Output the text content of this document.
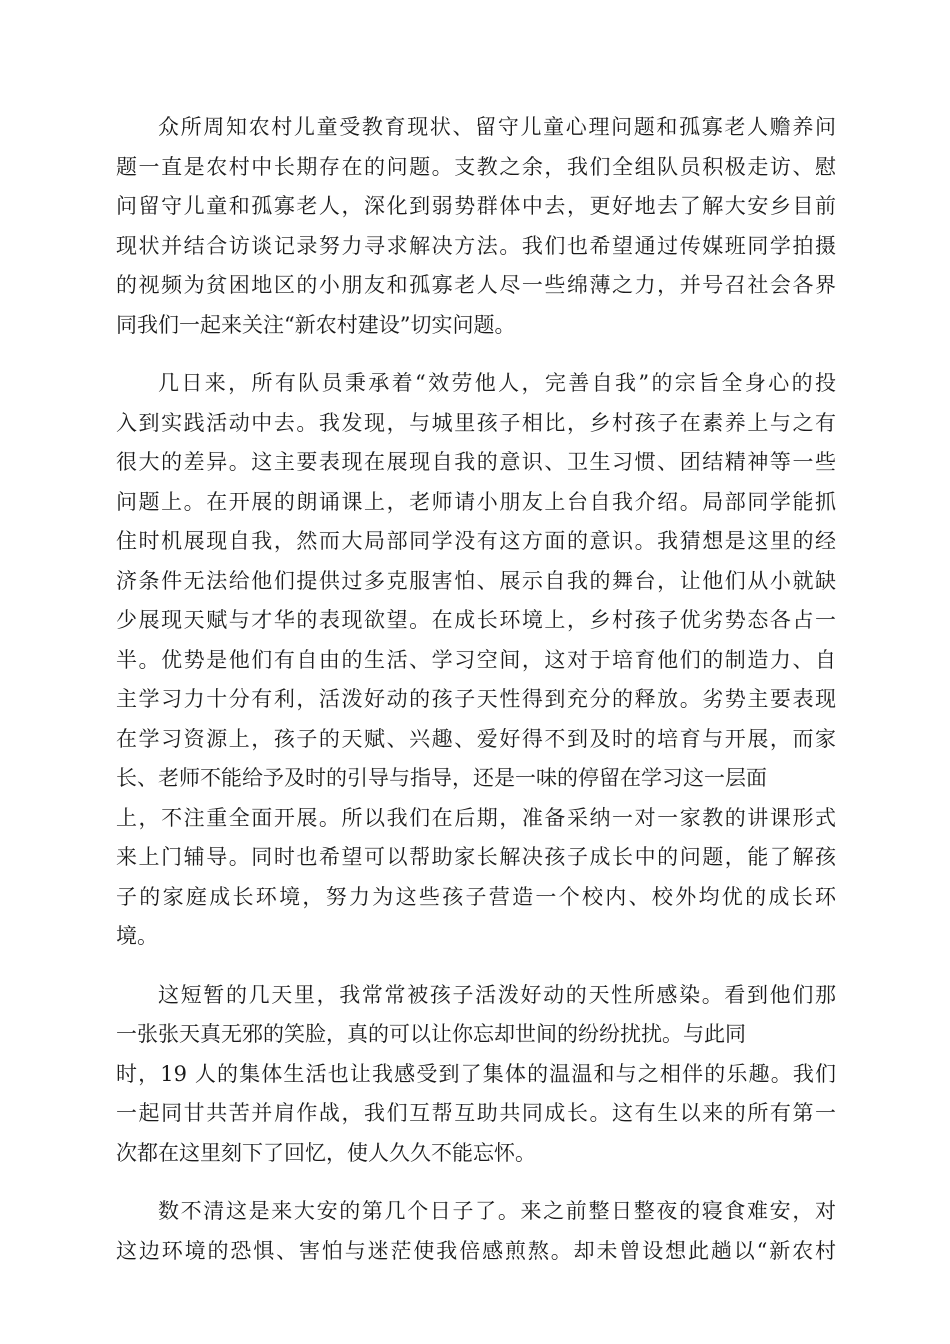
众所周知农村儿童受教育现状、留守儿童心理问题和孤寡老人赡养问
题一直是农村中长期存在的问题。支教之余，我们全组队员积极走访、慰
问留守儿童和孤寡老人，深化到弱势群体中去，更好地去了解大安乡目前
现状并结合访谈记录努力寻求解决方法。我们也希望通过传媒班同学拍摄
的视频为贫困地区的小朋友和孤寡老人尽一些绵薄之力，并号召社会各界
同我们一起来关注“新农村建设”切实问题。
几日来，所有队员秉承着“效劳他人，完善自我”的宗旨全身心的投
入到实践活动中去。我发现，与城里孩子相比，乡村孩子在素养上与之有
很大的差异。这主要表现在展现自我的意识、卫生习惯、团结精神等一些
问题上。在开展的朗诵课上，老师请小朋友上台自我介绍。局部同学能抓
住时机展现自我，然而大局部同学没有这方面的意识。我猜想是这里的经
济条件无法给他们提供过多克服害怕、展示自我的舞台，让他们从小就缺
少展现天赋与才华的表现欲望。在成长环境上，乡村孩子优劣势态各占一
半。优势是他们有自由的生活、学习空间，这对于培育他们的制造力、自
主学习力十分有利，活泼好动的孩子天性得到充分的释放。劣势主要表现
在学习资源上，孩子的天赋、兴趣、爱好得不到及时的培育与开展，而家
长、老师不能给予及时的引导与指导，还是一味的停留在学习这一层面
上，不注重全面开展。所以我们在后期，准备采纳一对一家教的讲课形式
来上门辅导。同时也希望可以帮助家长解决孩子成长中的问题，能了解孩
子的家庭成长环境，努力为这些孩子营造一个校内、校外均优的成长环
境。
这短暂的几天里，我常常被孩子活泼好动的天性所感染。看到他们那
一张张天真无邪的笑脸，真的可以让你忘却世间的纷纷扰扰。与此同
时，19 人的集体生活也让我感受到了集体的温温和与之相伴的乐趣。我们
一起同甘共苦并肩作战，我们互帮互助共同成长。这有生以来的所有第一
次都在这里刻下了回忆，使人久久不能忘怀。
数不清这是来大安的第几个日子了。来之前整日整夜的寝食难安，对
这边环境的恐惧、害怕与迷茫使我倍感煎熬。却未曾设想此趟以“新农村
